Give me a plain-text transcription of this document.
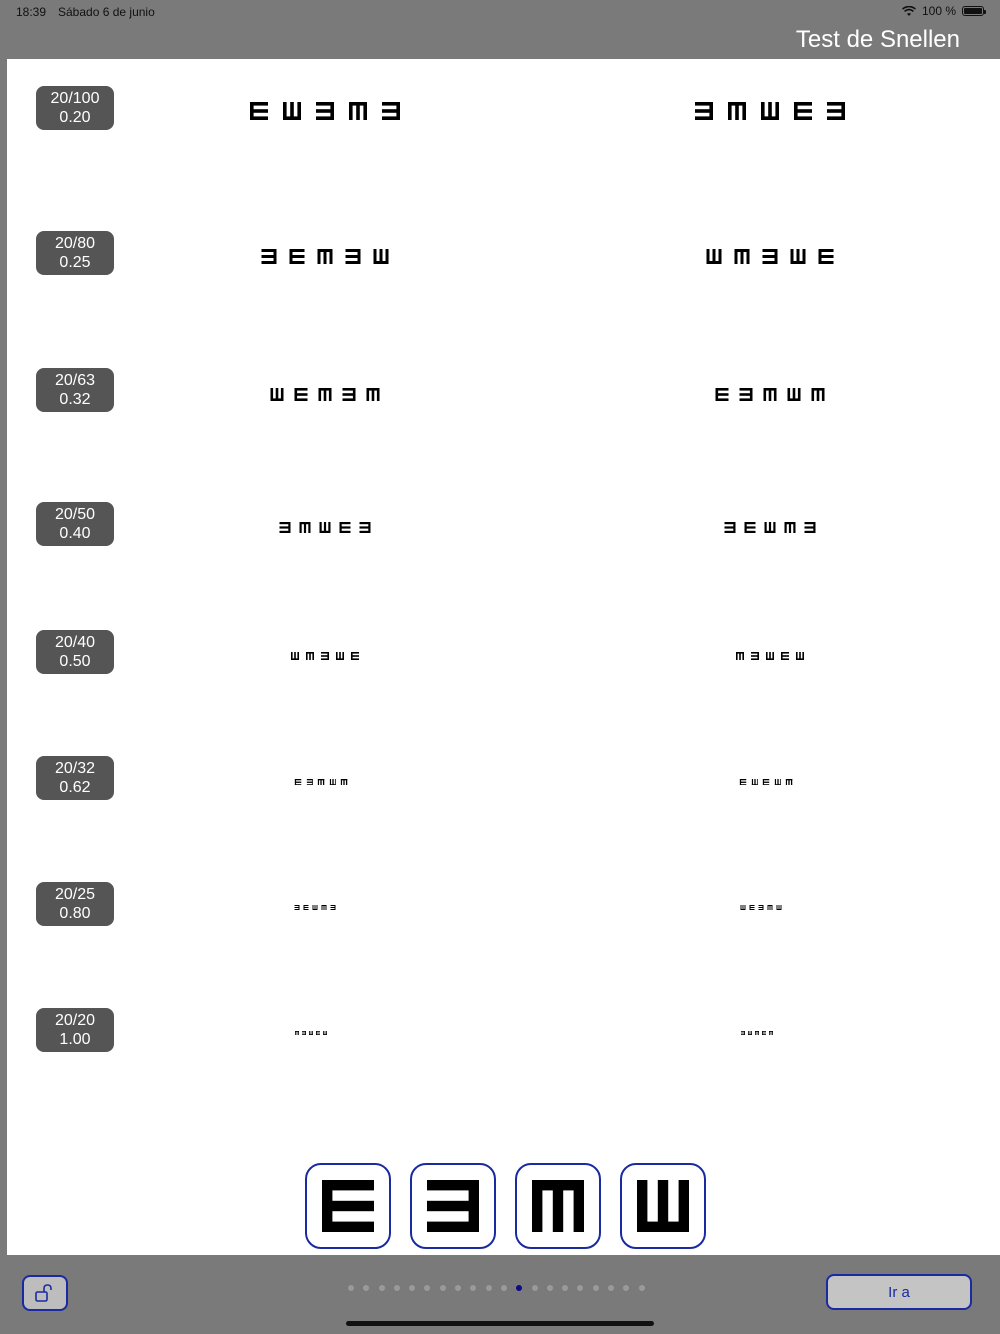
18:39 Sábado 6 de junio	100 %
Test de Snellen
20/100
0.20
20/80
0.25
20/63
0.32
20/50
0.40
20/40
0.50
20/32
0.62
20/25
0.80
20/20
1.00
Ir a
